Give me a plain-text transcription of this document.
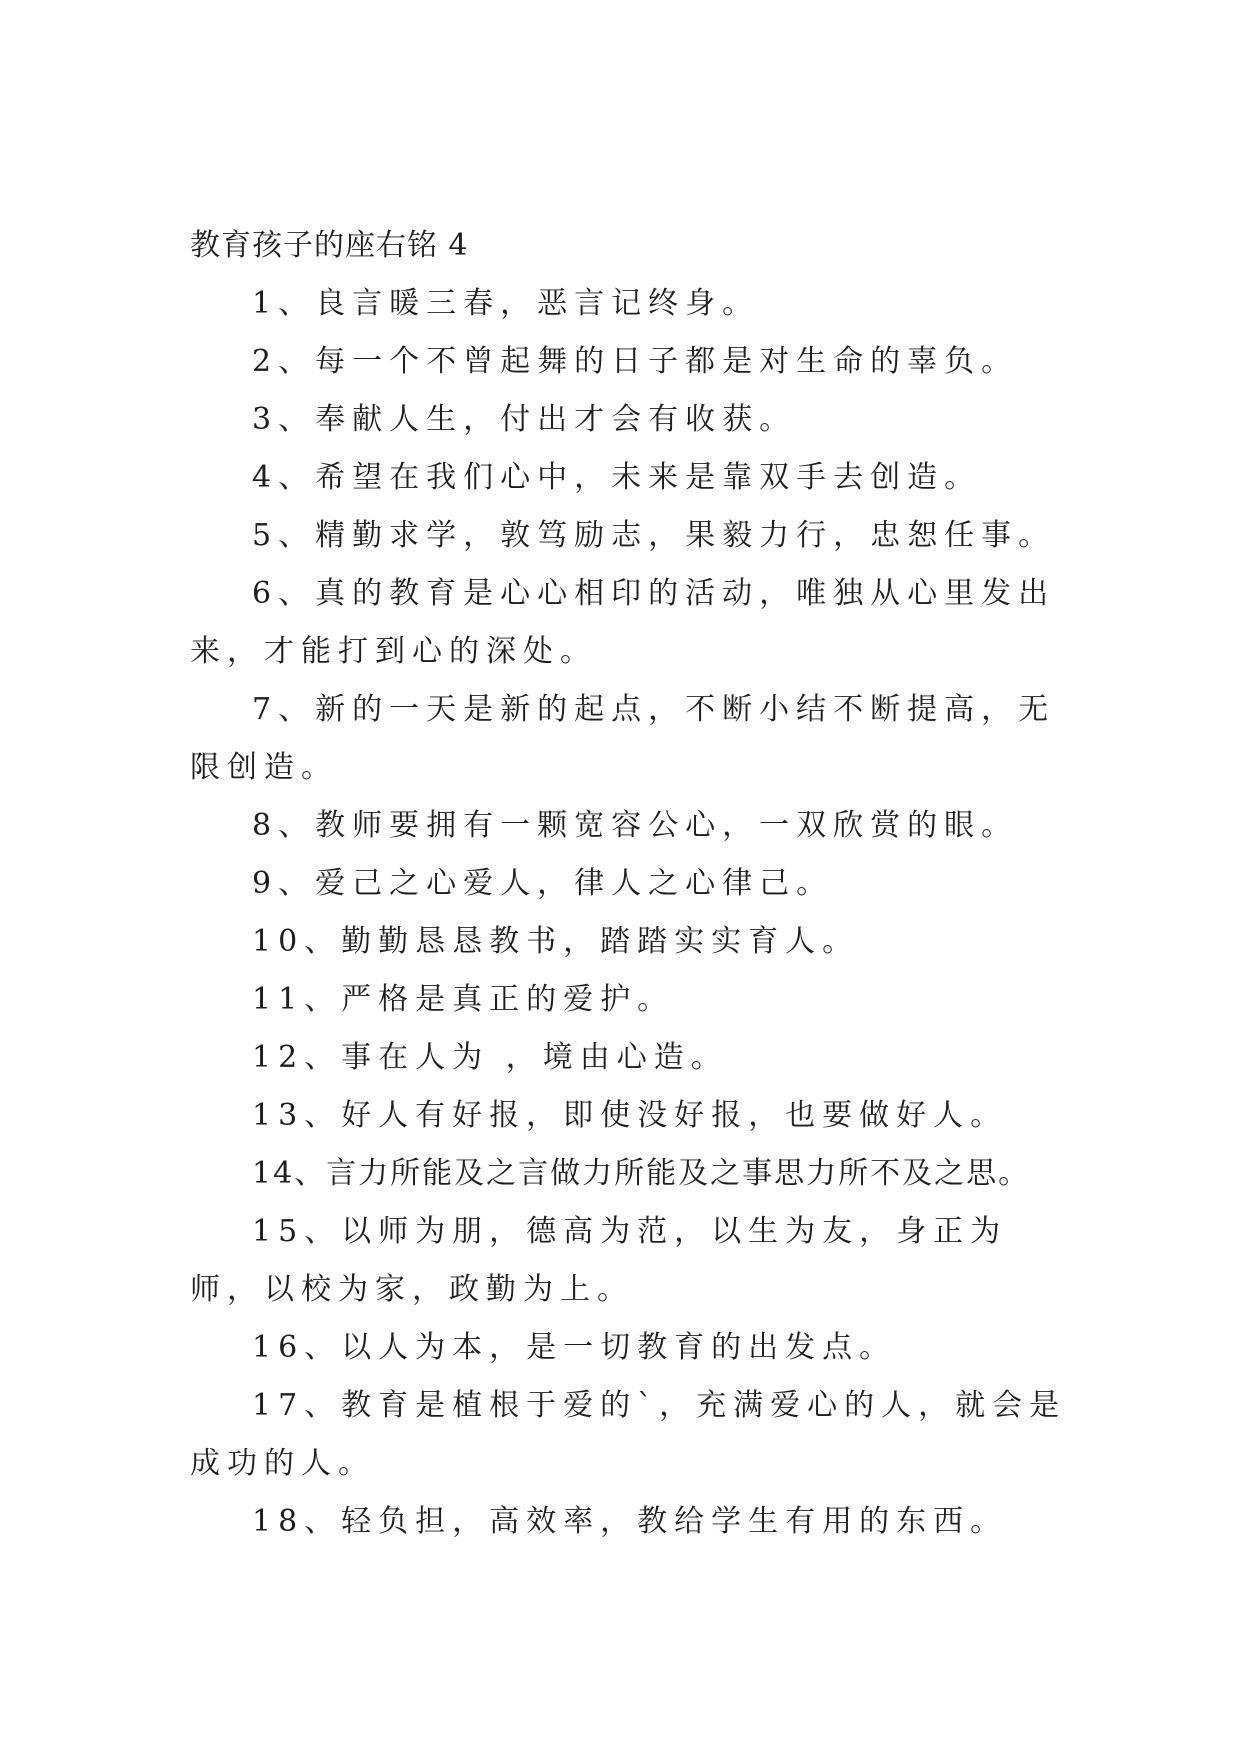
教育孩子的座右铭 4

1、良言暖三春，恶言记终身。

2、每一个不曾起舞的日子都是对生命的辜负。

3、奉献人生，付出才会有收获。

4、希望在我们心中，未来是靠双手去创造。

5、精勤求学，敦笃励志，果毅力行，忠恕任事。

6、真的教育是心心相印的活动，唯独从心里发出来，才能打到心的深处。

7、新的一天是新的起点，不断小结不断提高，无限创造。

8、教师要拥有一颗宽容公心，一双欣赏的眼。

9、爱己之心爱人，律人之心律己。

10、勤勤恳恳教书，踏踏实实育人。

11、严格是真正的爱护。

12、事在人为 ，境由心造。

13、好人有好报，即使没好报，也要做好人。

14、言力所能及之言做力所能及之事思力所不及之思。

15、以师为朋，德高为范，以生为友，身正为师，以校为家，政勤为上。

16、以人为本，是一切教育的出发点。

17、教育是植根于爱的`，充满爱心的人，就会是成功的人。

18、轻负担，高效率，教给学生有用的东西。
